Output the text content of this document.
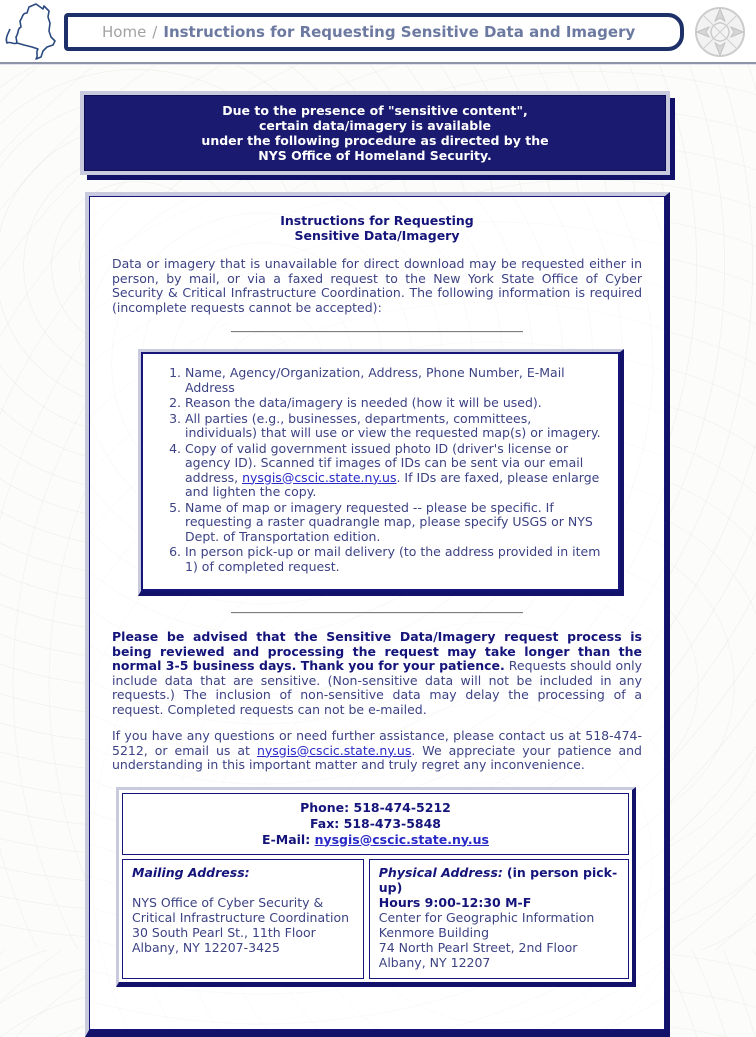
Home / Instructions for Requesting Sensitive Data and Imagery
Due to the presence of "sensitive content",
certain data/imagery is available
under the following procedure as directed by the
NYS Office of Homeland Security.
Instructions for Requesting
Sensitive Data/Imagery

Data or imagery that is unavailable for direct download may be requested either in person, by mail, or via a faxed request to the New York State Office of Cyber Security & Critical Infrastructure Coordination. The following information is required (incomplete requests cannot be accepted):

1. Name, Agency/Organization, Address, Phone Number, E-Mail Address
2. Reason the data/imagery is needed (how it will be used).
3. All parties (e.g., businesses, departments, committees, individuals) that will use or view the requested map(s) or imagery.
4. Copy of valid government issued photo ID (driver's license or agency ID). Scanned tif images of IDs can be sent via our email address, nysgis@cscic.state.ny.us. If IDs are faxed, please enlarge and lighten the copy.
5. Name of map or imagery requested -- please be specific. If requesting a raster quadrangle map, please specify USGS or NYS Dept. of Transportation edition.
6. In person pick-up or mail delivery (to the address provided in item 1) of completed request.

Please be advised that the Sensitive Data/Imagery request process is being reviewed and processing the request may take longer than the normal 3-5 business days. Thank you for your patience. Requests should only include data that are sensitive. (Non-sensitive data will not be included in any requests.) The inclusion of non-sensitive data may delay the processing of a request. Completed requests can not be e-mailed.

If you have any questions or need further assistance, please contact us at 518-474-5212, or email us at nysgis@cscic.state.ny.us. We appreciate your patience and understanding in this important matter and truly regret any inconvenience.

Phone: 518-474-5212
Fax: 518-473-5848
E-Mail: nysgis@cscic.state.ny.us
Mailing Address:
NYS Office of Cyber Security &
Critical Infrastructure Coordination
30 South Pearl St., 11th Floor
Albany, NY 12207-3425
Physical Address: (in person pick-up)
Hours 9:00-12:30 M-F
Center for Geographic Information
Kenmore Building
74 North Pearl Street, 2nd Floor
Albany, NY 12207
